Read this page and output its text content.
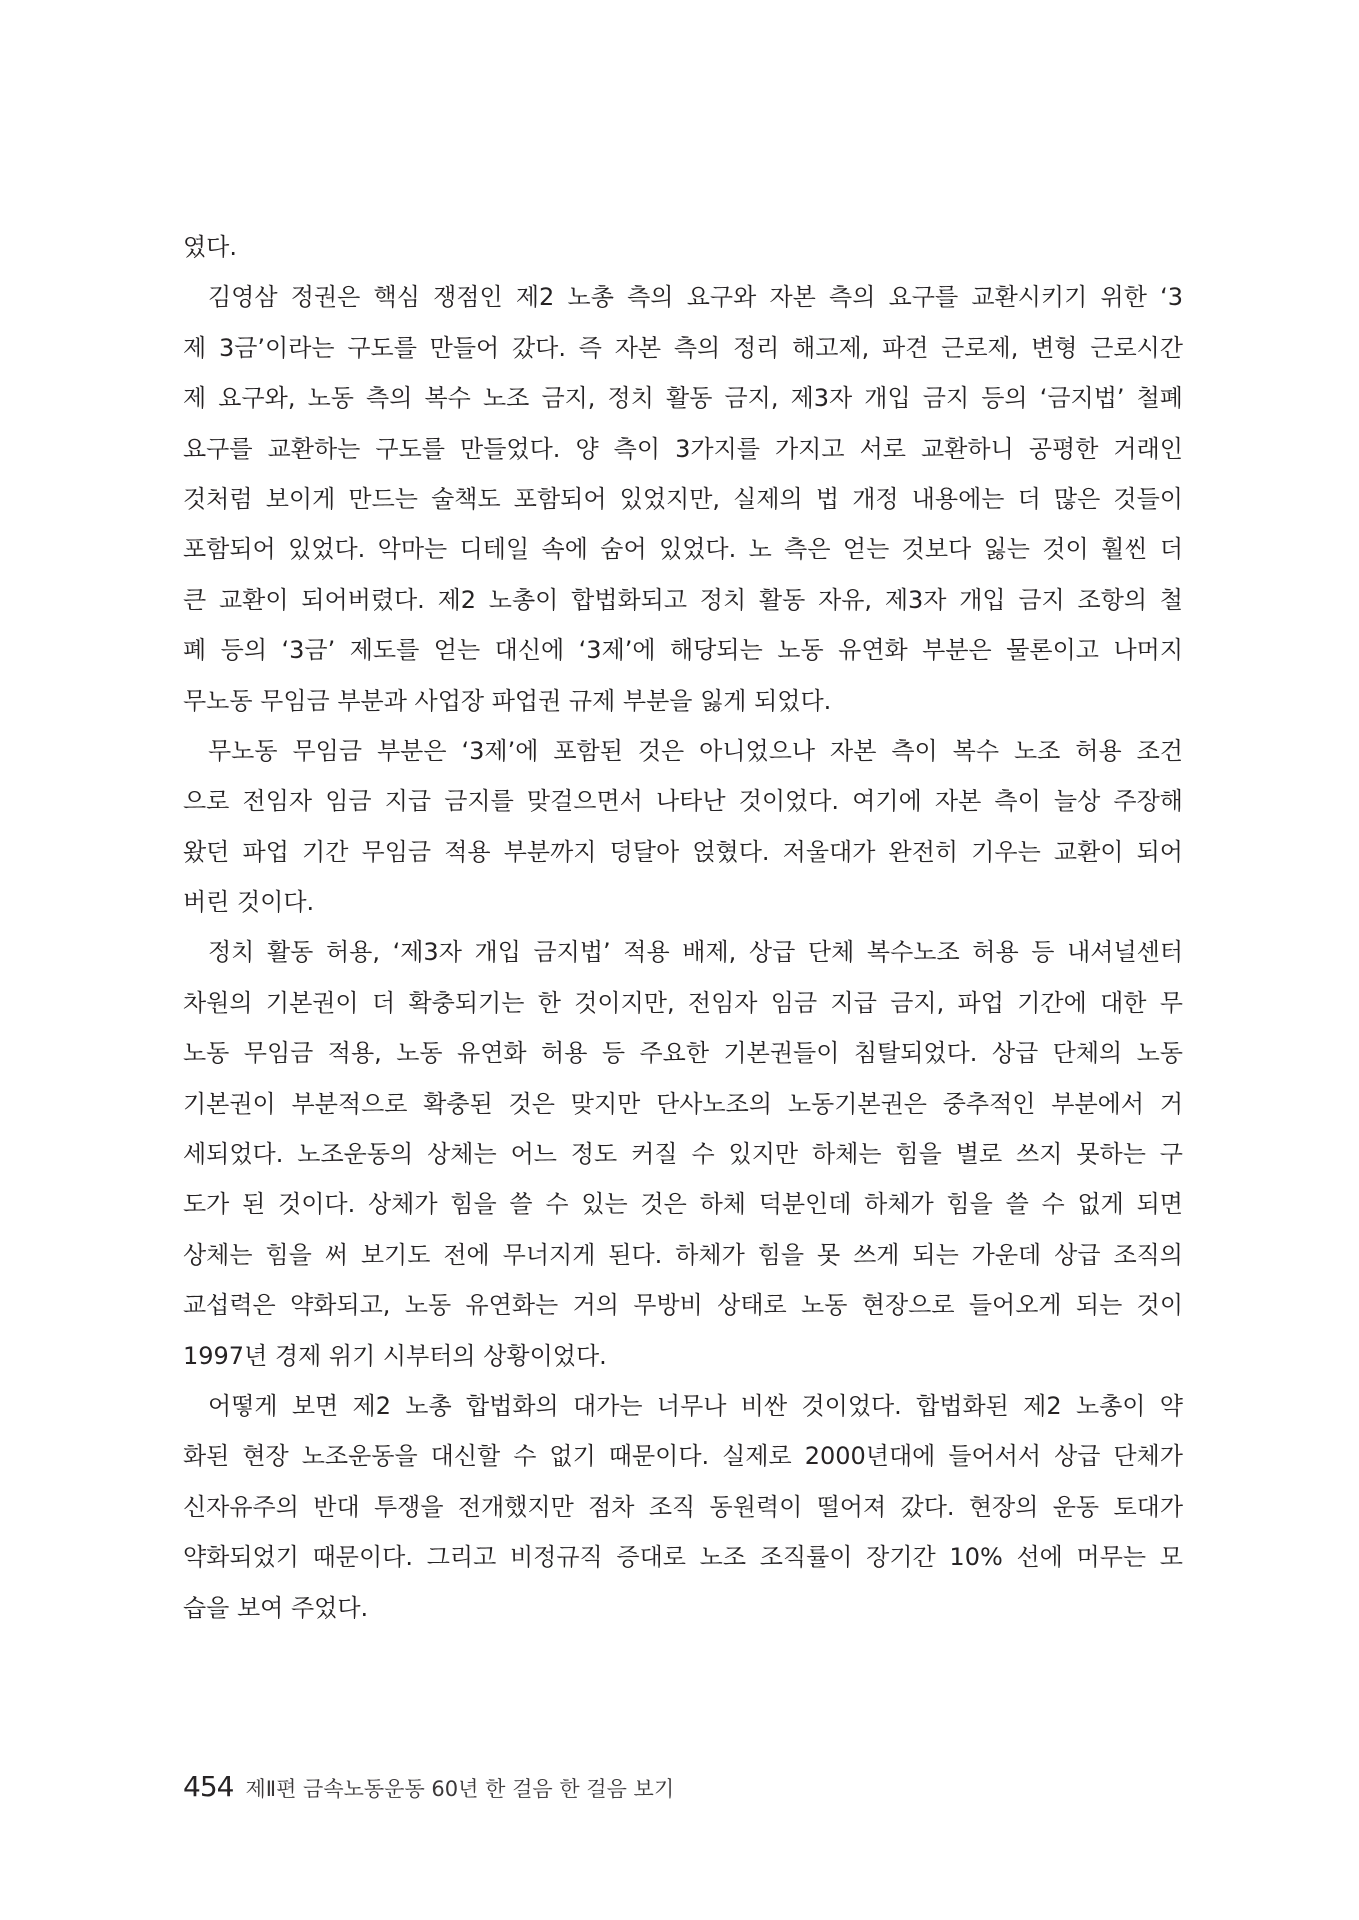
였다.
김영삼 정권은 핵심 쟁점인 제2 노총 측의 요구와 자본 측의 요구를 교환시키기 위한 ‘3
제 3금’이라는 구도를 만들어 갔다. 즉 자본 측의 정리 해고제, 파견 근로제, 변형 근로시간
제 요구와, 노동 측의 복수 노조 금지, 정치 활동 금지, 제3자 개입 금지 등의 ‘금지법’ 철폐
요구를 교환하는 구도를 만들었다. 양 측이 3가지를 가지고 서로 교환하니 공평한 거래인
것처럼 보이게 만드는 술책도 포함되어 있었지만, 실제의 법 개정 내용에는 더 많은 것들이
포함되어 있었다. 악마는 디테일 속에 숨어 있었다. 노 측은 얻는 것보다 잃는 것이 훨씬 더
큰 교환이 되어버렸다. 제2 노총이 합법화되고 정치 활동 자유, 제3자 개입 금지 조항의 철
폐 등의 ‘3금’ 제도를 얻는 대신에 ‘3제’에 해당되는 노동 유연화 부분은 물론이고 나머지
무노동 무임금 부분과 사업장 파업권 규제 부분을 잃게 되었다.
무노동 무임금 부분은 ‘3제’에 포함된 것은 아니었으나 자본 측이 복수 노조 허용 조건
으로 전임자 임금 지급 금지를 맞걸으면서 나타난 것이었다. 여기에 자본 측이 늘상 주장해
왔던 파업 기간 무임금 적용 부분까지 덩달아 얹혔다. 저울대가 완전히 기우는 교환이 되어
버린 것이다.
정치 활동 허용, ‘제3자 개입 금지법’ 적용 배제, 상급 단체 복수노조 허용 등 내셔널센터
차원의 기본권이 더 확충되기는 한 것이지만, 전임자 임금 지급 금지, 파업 기간에 대한 무
노동 무임금 적용, 노동 유연화 허용 등 주요한 기본권들이 침탈되었다. 상급 단체의 노동
기본권이 부분적으로 확충된 것은 맞지만 단사노조의 노동기본권은 중추적인 부분에서 거
세되었다. 노조운동의 상체는 어느 정도 커질 수 있지만 하체는 힘을 별로 쓰지 못하는 구
도가 된 것이다. 상체가 힘을 쓸 수 있는 것은 하체 덕분인데 하체가 힘을 쓸 수 없게 되면
상체는 힘을 써 보기도 전에 무너지게 된다. 하체가 힘을 못 쓰게 되는 가운데 상급 조직의
교섭력은 약화되고, 노동 유연화는 거의 무방비 상태로 노동 현장으로 들어오게 되는 것이
1997년 경제 위기 시부터의 상황이었다.
어떻게 보면 제2 노총 합법화의 대가는 너무나 비싼 것이었다. 합법화된 제2 노총이 약
화된 현장 노조운동을 대신할 수 없기 때문이다. 실제로 2000년대에 들어서서 상급 단체가
신자유주의 반대 투쟁을 전개했지만 점차 조직 동원력이 떨어져 갔다. 현장의 운동 토대가
약화되었기 때문이다. 그리고 비정규직 증대로 노조 조직률이 장기간 10% 선에 머무는 모
습을 보여 주었다.
454 제Ⅱ편 금속노동운동 60년 한 걸음 한 걸음 보기
